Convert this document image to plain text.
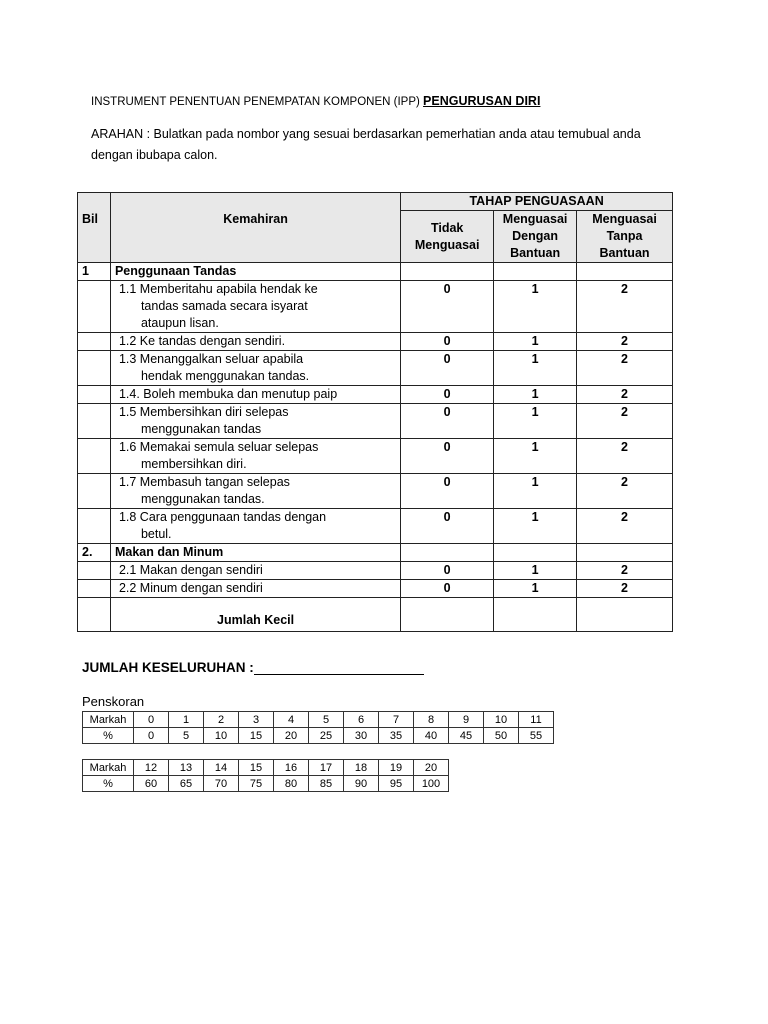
INSTRUMENT PENENTUAN PENEMPATAN KOMPONEN (IPP) PENGURUSAN DIRI
ARAHAN : Bulatkan pada nombor yang sesuai berdasarkan pemerhatian anda atau temubual anda dengan ibubapa calon.
Bil	Kemahiran	TAHAP PENGUASAAN		
		Tidak Menguasai	Menguasai Dengan Bantuan	Menguasai Tanpa Bantuan
1	Penggunaan Tandas			
	1.1 Memberitahu apabila hendak ke
tandas samada secara isyarat
ataupun lisan.	0	1	2
	1.2 Ke tandas dengan sendiri.	0	1	2
	1.3 Menanggalkan seluar apabila
hendak menggunakan tandas.	0	1	2
	1.4. Boleh membuka dan menutup paip	0	1	2
	1.5 Membersihkan diri selepas
menggunakan tandas	0	1	2
	1.6 Memakai semula seluar selepas
membersihkan diri.	0	1	2
	1.7 Membasuh tangan selepas
menggunakan tandas.	0	1	2
	1.8 Cara penggunaan tandas dengan
betul.	0	1	2
2.	Makan dan Minum			
	2.1 Makan dengan sendiri	0	1	2
	2.2 Minum dengan sendiri	0	1	2
	Jumlah Kecil			
JUMLAH KESELURUHAN :
Penskoran
Markah	0	1	2	3	4	5	6	7	8	9	10	11
%	0	5	10	15	20	25	30	35	40	45	50	55
Markah	12	13	14	15	16	17	18	19	20
%	60	65	70	75	80	85	90	95	100
